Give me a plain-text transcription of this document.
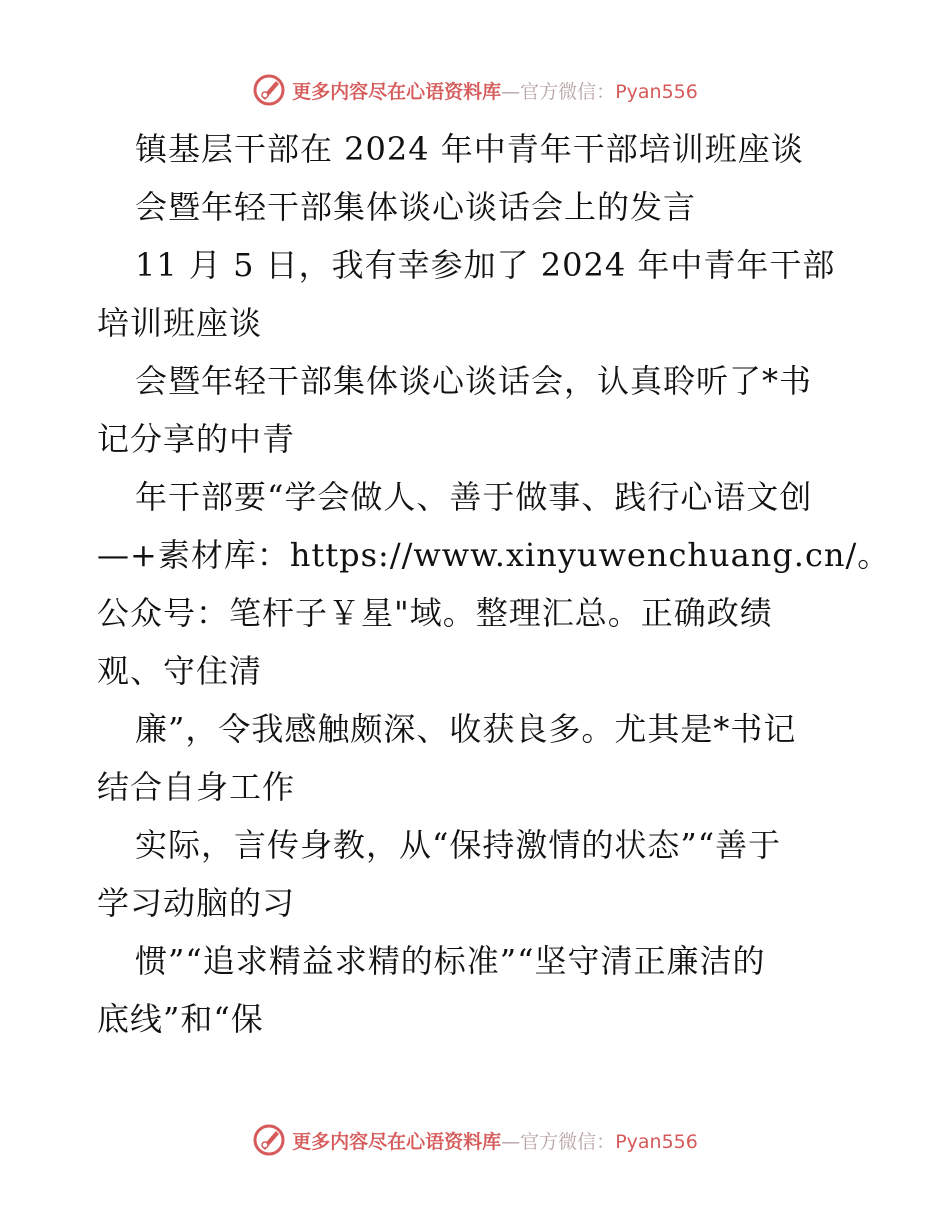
更多内容尽在心语资料库—官方微信：Pyan556
镇基层干部在 2024 年中青年干部培训班座谈
会暨年轻干部集体谈心谈话会上的发言
11 月 5 日，我有幸参加了 2024 年中青年干部
培训班座谈
会暨年轻干部集体谈心谈话会，认真聆听了*书
记分享的中青
年干部要“学会做人、善于做事、践行心语文创
—+素材库：https://www.xinyuwenchuang.cn/。
公众号：笔杆子￥星"域。整理汇总。正确政绩
观、守住清
廉”，令我感触颇深、收获良多。尤其是*书记
结合自身工作
实际，言传身教，从“保持激情的状态”“善于
学习动脑的习
惯”“追求精益求精的标准”“坚守清正廉洁的
底线”和“保
更多内容尽在心语资料库—官方微信：Pyan556
